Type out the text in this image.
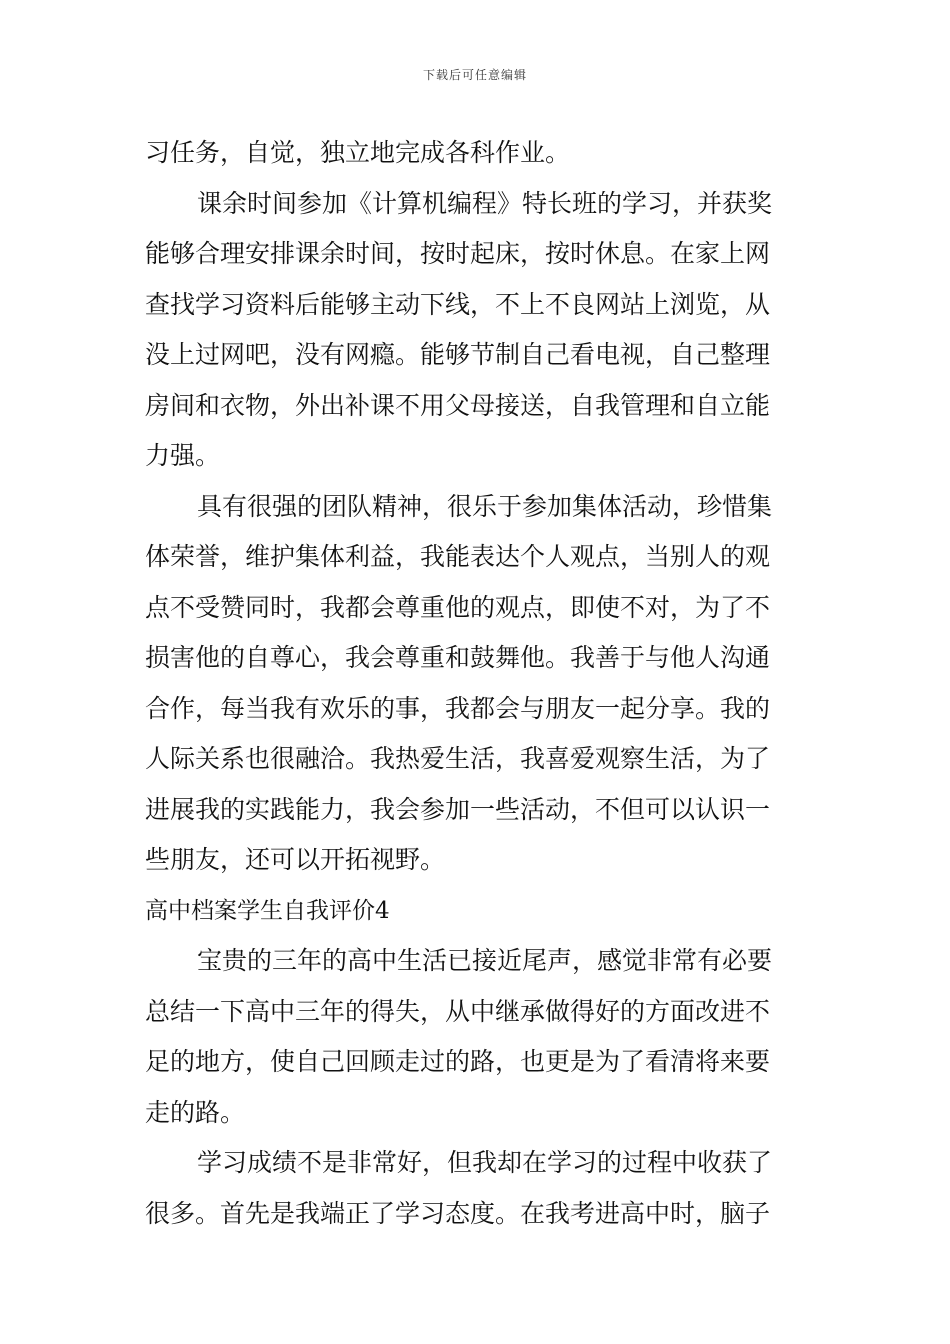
下载后可任意编辑
习任务，自觉，独立地完成各科作业。
课余时间参加《计算机编程》特长班的学习，并获奖
能够合理安排课余时间，按时起床，按时休息。在家上网
查找学习资料后能够主动下线，不上不良网站上浏览，从
没上过网吧，没有网瘾。能够节制自己看电视，自己整理
房间和衣物，外出补课不用父母接送，自我管理和自立能
力强。
具有很强的团队精神，很乐于参加集体活动，珍惜集
体荣誉，维护集体利益，我能表达个人观点，当别人的观
点不受赞同时，我都会尊重他的观点，即使不对，为了不
损害他的自尊心，我会尊重和鼓舞他。我善于与他人沟通
合作，每当我有欢乐的事，我都会与朋友一起分享。我的
人际关系也很融洽。我热爱生活，我喜爱观察生活，为了
进展我的实践能力，我会参加一些活动，不但可以认识一
些朋友，还可以开拓视野。
高中档案学生自我评价4
宝贵的三年的高中生活已接近尾声，感觉非常有必要
总结一下高中三年的得失，从中继承做得好的方面改进不
足的地方，使自己回顾走过的路，也更是为了看清将来要
走的路。
学习成绩不是非常好，但我却在学习的过程中收获了
很多。首先是我端正了学习态度。在我考进高中时，脑子
